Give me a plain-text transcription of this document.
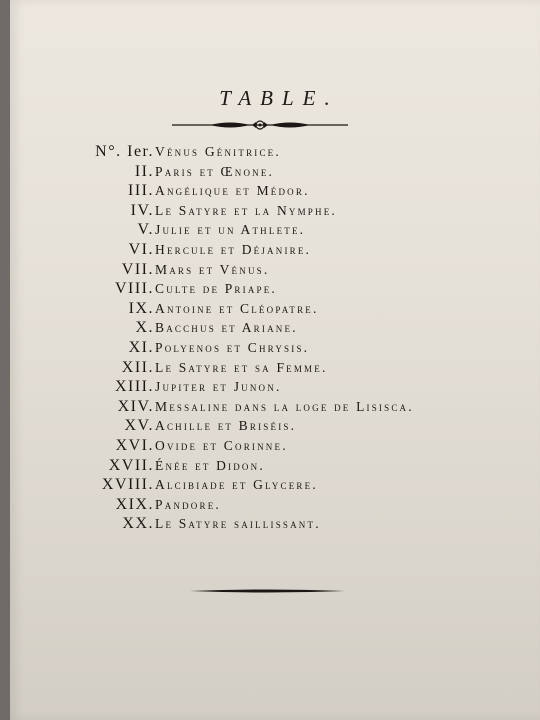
TABLE.
N°. Ier. Vénus Génitrice.
II. Paris et Œnone.
III. Angélique et Médor.
IV. Le Satyre et la Nymphe.
V. Julie et un Athlete.
VI. Hercule et Déjanire.
VII. Mars et Vénus.
VIII. Culte de Priape.
IX. Antoine et Cléopatre.
X. Bacchus et Ariane.
XI. Polyenos et Chrysis.
XII. Le Satyre et sa Femme.
XIII. Jupiter et Junon.
XIV. Messaline dans la loge de Lisisca.
XV. Achille et Briséis.
XVI. Ovide et Corinne.
XVII. Énée et Didon.
XVIII. Alcibiade et Glycere.
XIX. Pandore.
XX. Le Satyre saillissant.
